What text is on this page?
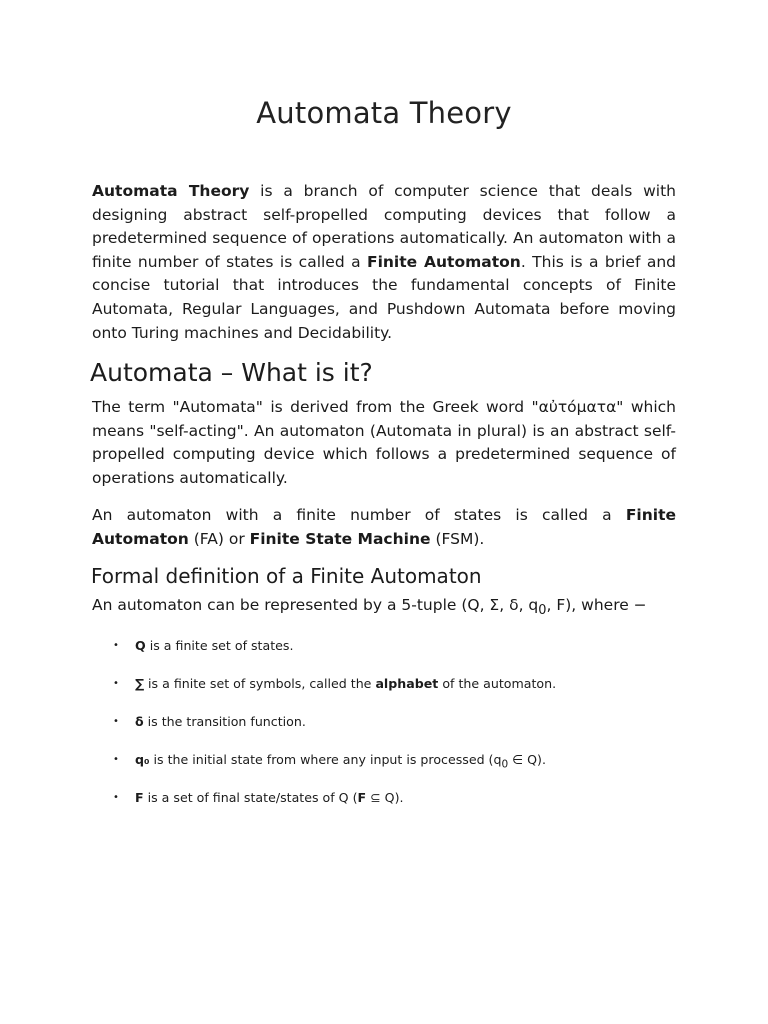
Automata Theory

Automata Theory is a branch of computer science that deals with designing abstract self-propelled computing devices that follow a predetermined sequence of operations automatically. An automaton with a finite number of states is called a Finite Automaton. This is a brief and concise tutorial that introduces the fundamental concepts of Finite Automata, Regular Languages, and Pushdown Automata before moving onto Turing machines and Decidability.

Automata – What is it?

The term "Automata" is derived from the Greek word "αὐτόματα" which means "self-acting". An automaton (Automata in plural) is an abstract self-propelled computing device which follows a predetermined sequence of operations automatically.

An automaton with a finite number of states is called a Finite Automaton (FA) or Finite State Machine (FSM).

Formal definition of a Finite Automaton

An automaton can be represented by a 5-tuple (Q, Σ, δ, $q_0$, F), where −

• Q is a finite set of states.
• ∑ is a finite set of symbols, called the alphabet of the automaton.
• δ is the transition function.
• q₀ is the initial state from where any input is processed ($q_0$ ∈ Q).
• F is a set of final state/states of Q (F ⊆ Q).
